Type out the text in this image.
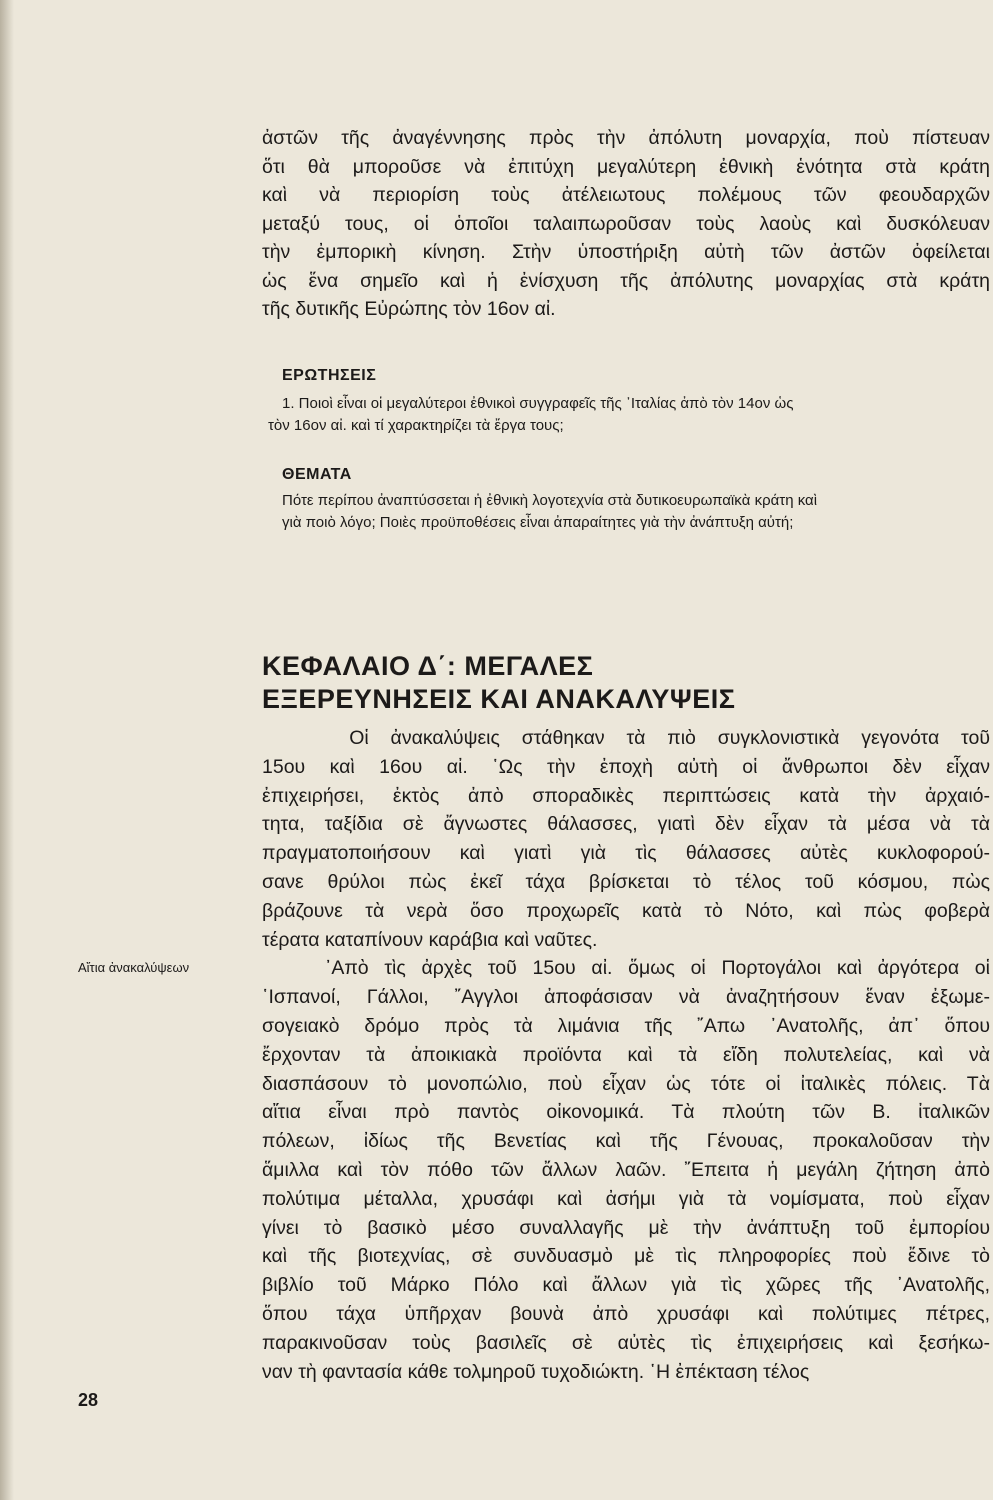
ἀστῶν τῆς ἀναγέννησης πρὸς τὴν ἀπόλυτη μοναρχία, ποὺ πίστευαν
ὅτι θὰ μποροῦσε νὰ ἐπιτύχη μεγαλύτερη ἐθνικὴ ἑνότητα στὰ κράτη
καὶ νὰ περιορίση τοὺς ἀτέλειωτους πολέμους τῶν φεουδαρχῶν
μεταξύ τους, οἱ ὁποῖοι ταλαιπωροῦσαν τοὺς λαοὺς καὶ δυσκόλευαν
τὴν ἐμπορικὴ κίνηση. Στὴν ὑποστήριξη αὐτὴ τῶν ἀστῶν ὀφείλεται
ὡς ἕνα σημεῖο καὶ ἡ ἐνίσχυση τῆς ἀπόλυτης μοναρχίας στὰ κράτη
τῆς δυτικῆς Εὐρώπης τὸν 16ον αἰ.
ΕΡΩΤΗΣΕΙΣ
1. Ποιοὶ εἶναι οἱ μεγαλύτεροι ἐθνικοὶ συγγραφεῖς τῆς ᾿Ιταλίας ἀπὸ τὸν 14ον ὡς
τὸν 16ον αἰ. καὶ τί χαρακτηρίζει τὰ ἔργα τους;
ΘΕΜΑΤΑ
Πότε περίπου ἀναπτύσσεται ἡ ἐθνικὴ λογοτεχνία στὰ δυτικοευρωπαϊκὰ κράτη καὶ
γιὰ ποιὸ λόγο; Ποιὲς προϋποθέσεις εἶναι ἀπαραίτητες γιὰ τὴν ἀνάπτυξη αὐτή;
ΚΕΦΑΛΑΙΟ Δ΄: ΜΕΓΑΛΕΣ
ΕΞΕΡΕΥΝΗΣΕΙΣ ΚΑΙ ΑΝΑΚΑΛΥΨΕΙΣ
Οἱ ἀνακαλύψεις στάθηκαν τὰ πιὸ συγκλονιστικὰ γεγονότα τοῦ
15ου καὶ 16ου αἰ. ῾Ως τὴν ἐποχὴ αὐτὴ οἱ ἄνθρωποι δὲν εἶχαν
ἐπιχειρήσει, ἐκτὸς ἀπὸ σποραδικὲς περιπτώσεις κατὰ τὴν ἀρχαιό-
τητα, ταξίδια σὲ ἄγνωστες θάλασσες, γιατὶ δὲν εἶχαν τὰ μέσα νὰ τὰ
πραγματοποιήσουν καὶ γιατὶ γιὰ τὶς θάλασσες αὐτὲς κυκλοφορού-
σανε θρύλοι πὼς ἐκεῖ τάχα βρίσκεται τὸ τέλος τοῦ κόσμου, πὼς
βράζουνε τὰ νερὰ ὅσο προχωρεῖς κατὰ τὸ Νότο, καὶ πὼς φοβερὰ
τέρατα καταπίνουν καράβια καὶ ναῦτες.
᾿Απὸ τὶς ἀρχὲς τοῦ 15ου αἰ. ὅμως οἱ Πορτογάλοι καὶ ἀργότερα οἱ
῾Ισπανοί, Γάλλοι, ῎Αγγλοι ἀποφάσισαν νὰ ἀναζητήσουν ἕναν ἐξωμε-
σογειακὸ δρόμο πρὸς τὰ λιμάνια τῆς ῎Απω ᾿Ανατολῆς, ἀπ᾿ ὅπου
ἔρχονταν τὰ ἀποικιακὰ προϊόντα καὶ τὰ εἴδη πολυτελείας, καὶ νὰ
διασπάσουν τὸ μονοπώλιο, ποὺ εἶχαν ὡς τότε οἱ ἰταλικὲς πόλεις. Τὰ
αἴτια εἶναι πρὸ παντὸς οἰκονομικά. Τὰ πλούτη τῶν Β. ἰταλικῶν
πόλεων, ἰδίως τῆς Βενετίας καὶ τῆς Γένουας, προκαλοῦσαν τὴν
ἅμιλλα καὶ τὸν πόθο τῶν ἄλλων λαῶν. ῎Επειτα ἡ μεγάλη ζήτηση ἀπὸ
πολύτιμα μέταλλα, χρυσάφι καὶ ἀσήμι γιὰ τὰ νομίσματα, ποὺ εἶχαν
γίνει τὸ βασικὸ μέσο συναλλαγῆς μὲ τὴν ἀνάπτυξη τοῦ ἐμπορίου
καὶ τῆς βιοτεχνίας, σὲ συνδυασμὸ μὲ τὶς πληροφορίες ποὺ ἔδινε τὸ
βιβλίο τοῦ Μάρκο Πόλο καὶ ἄλλων γιὰ τὶς χῶρες τῆς ᾿Ανατολῆς,
ὅπου τάχα ὑπῆρχαν βουνὰ ἀπὸ χρυσάφι καὶ πολύτιμες πέτρες,
παρακινοῦσαν τοὺς βασιλεῖς σὲ αὐτὲς τὶς ἐπιχειρήσεις καὶ ξεσήκω-
ναν τὴ φαντασία κάθε τολμηροῦ τυχοδιώκτη. ῾Η ἐπέκταση τέλος
Αἴτια ἀνακαλύψεων
28
